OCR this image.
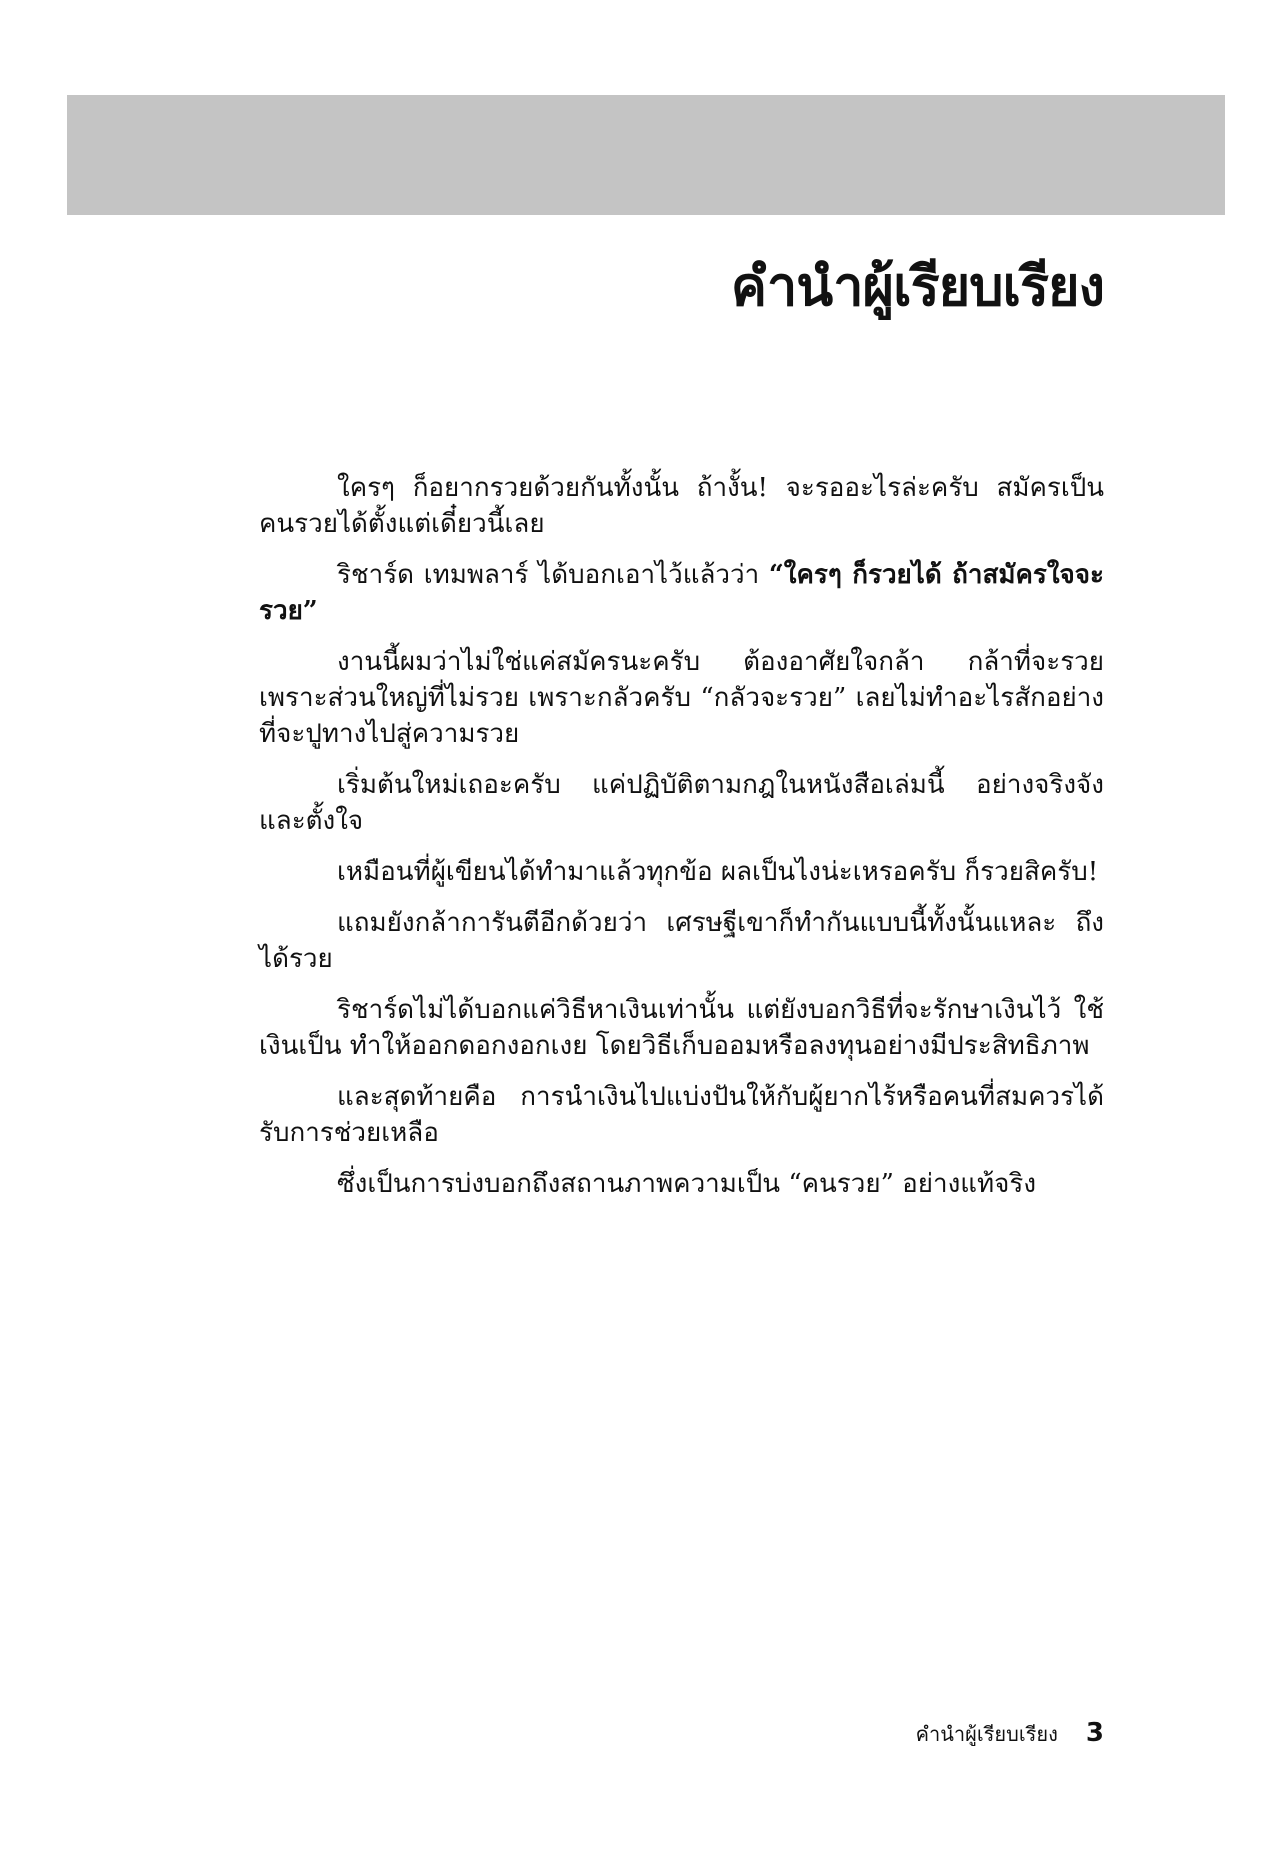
คำนำผู้เรียบเรียง

ใครๆ ก็อยากรวยด้วยกันทั้งนั้น ถ้างั้น! จะรออะไรล่ะครับ สมัครเป็นคนรวยได้ตั้งแต่เดี๋ยวนี้เลย

ริชาร์ด เทมพลาร์ ได้บอกเอาไว้แล้วว่า “ใครๆ ก็รวยได้ ถ้าสมัครใจจะรวย”

งานนี้ผมว่าไม่ใช่แค่สมัครนะครับ ต้องอาศัยใจกล้า กล้าที่จะรวย เพราะส่วนใหญ่ที่ไม่รวย เพราะกลัวครับ “กลัวจะรวย” เลยไม่ทำอะไรสักอย่างที่จะปูทางไปสู่ความรวย

เริ่มต้นใหม่เถอะครับ แค่ปฏิบัติตามกฎในหนังสือเล่มนี้ อย่างจริงจังและตั้งใจ

เหมือนที่ผู้เขียนได้ทำมาแล้วทุกข้อ ผลเป็นไงน่ะเหรอครับ ก็รวยสิครับ!

แถมยังกล้าการันตีอีกด้วยว่า เศรษฐีเขาก็ทำกันแบบนี้ทั้งนั้นแหละ ถึงได้รวย

ริชาร์ดไม่ได้บอกแค่วิธีหาเงินเท่านั้น แต่ยังบอกวิธีที่จะรักษาเงินไว้ ใช้เงินเป็น ทำให้ออกดอกงอกเงย โดยวิธีเก็บออมหรือลงทุนอย่างมีประสิทธิภาพ

และสุดท้ายคือ การนำเงินไปแบ่งปันให้กับผู้ยากไร้หรือคนที่สมควรได้รับการช่วยเหลือ

ซึ่งเป็นการบ่งบอกถึงสถานภาพความเป็น “คนรวย” อย่างแท้จริง

คำนำผู้เรียบเรียง 3
